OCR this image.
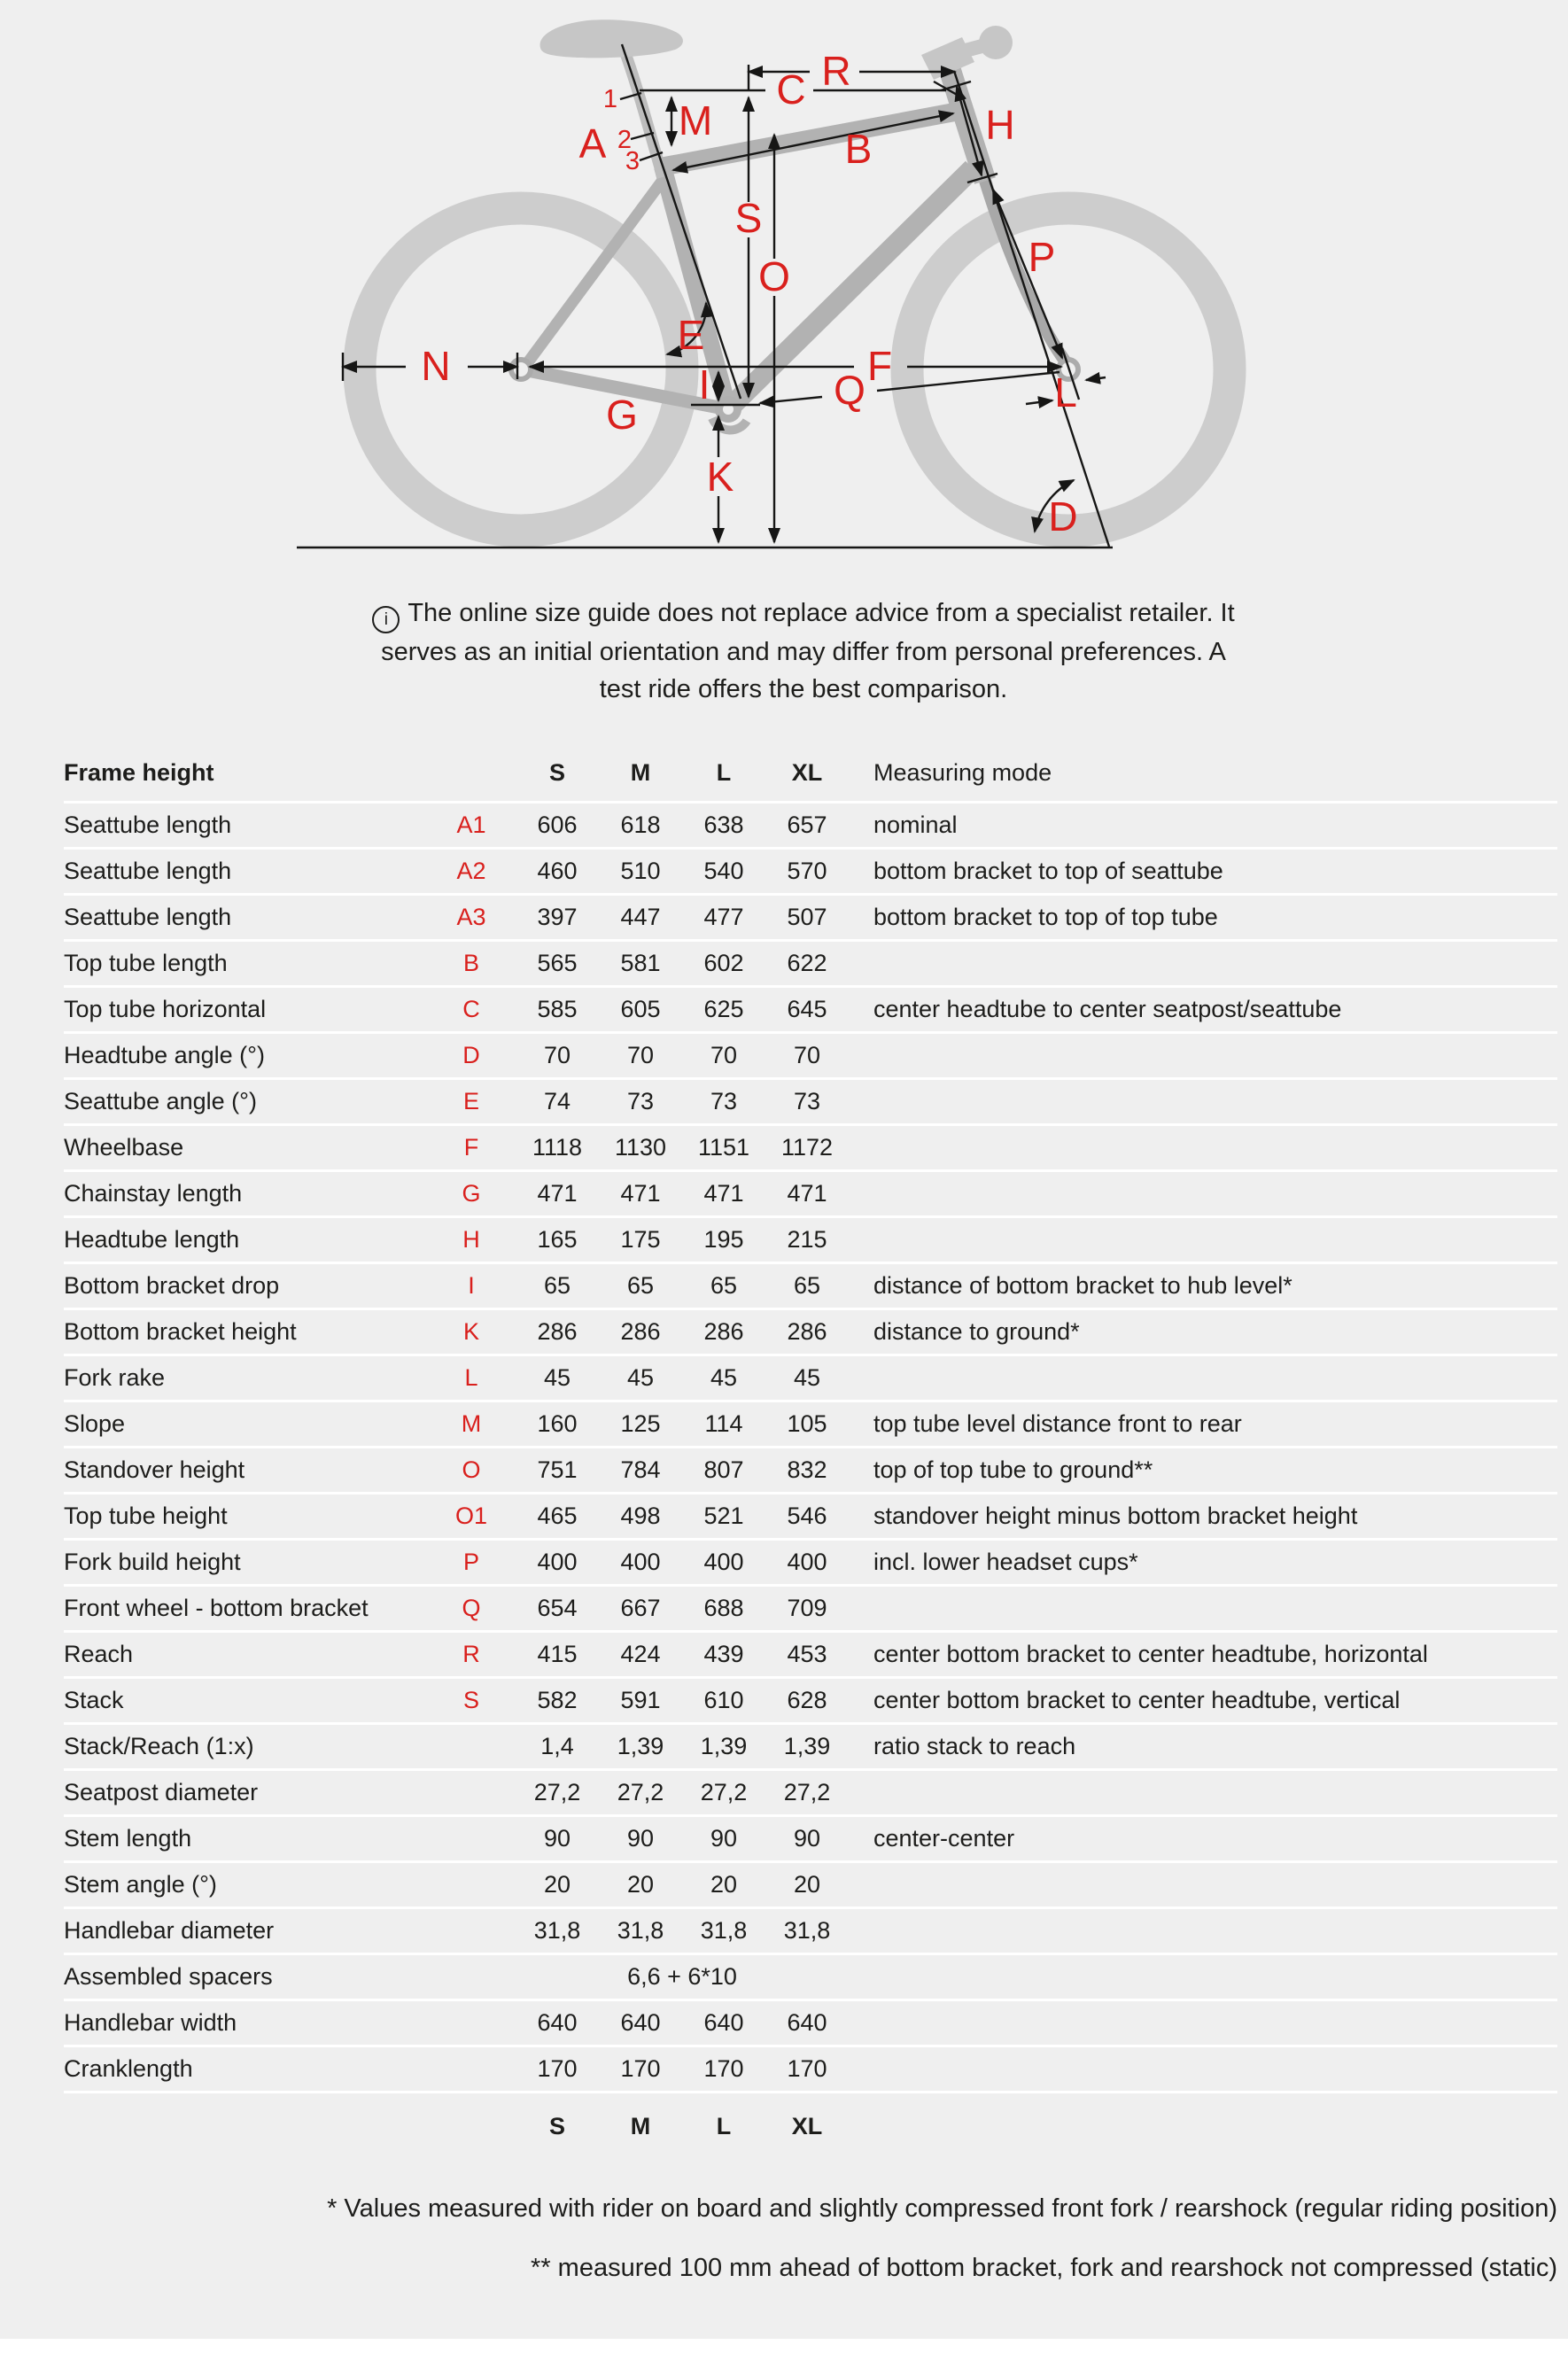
R
C
M
A
1
2
3	B
H
S
O
E
P
N	F
G
I	Q	L
K
D
i The online size guide does not replace advice from a specialist retailer. It
serves as an initial orientation and may differ from personal preferences. A
test ride offers the best comparison.
Frame height	S	M	L	XL	Measuring mode
Seattube length	A1	606	618	638	657	nominal
Seattube length	A2	460	510	540	570	bottom bracket to top of seattube
Seattube length	A3	397	447	477	507	bottom bracket to top of top tube
Top tube length	B	565	581	602	622
Top tube horizontal	C	585	605	625	645	center headtube to center seatpost/seattube
Headtube angle (°)	D	70	70	70	70
Seattube angle (°)	E	74	73	73	73
Wheelbase	F	1118	1130	1151	1172
Chainstay length	G	471	471	471	471
Headtube length	H	165	175	195	215
Bottom bracket drop	I	65	65	65	65	distance of bottom bracket to hub level*
Bottom bracket height	K	286	286	286	286	distance to ground*
Fork rake	L	45	45	45	45
Slope	M	160	125	114	105	top tube level distance front to rear
Standover height	O	751	784	807	832	top of top tube to ground**
Top tube height	O1	465	498	521	546	standover height minus bottom bracket height
Fork build height	P	400	400	400	400	incl. lower headset cups*
Front wheel - bottom bracket	Q	654	667	688	709
Reach	R	415	424	439	453	center bottom bracket to center headtube, horizontal
Stack	S	582	591	610	628	center bottom bracket to center headtube, vertical
Stack/Reach (1:x)	1,4	1,39	1,39	1,39	ratio stack to reach
Seatpost diameter	27,2	27,2	27,2	27,2
Stem length	90	90	90	90	center-center
Stem angle (°)	20	20	20	20
Handlebar diameter	31,8	31,8	31,8	31,8
Assembled spacers	6,6 + 6*10
Handlebar width	640	640	640	640
Cranklength	170	170	170	170
S	M	L	XL
* Values measured with rider on board and slightly compressed front fork / rearshock (regular riding position)
** measured 100 mm ahead of bottom bracket, fork and rearshock not compressed (static)
